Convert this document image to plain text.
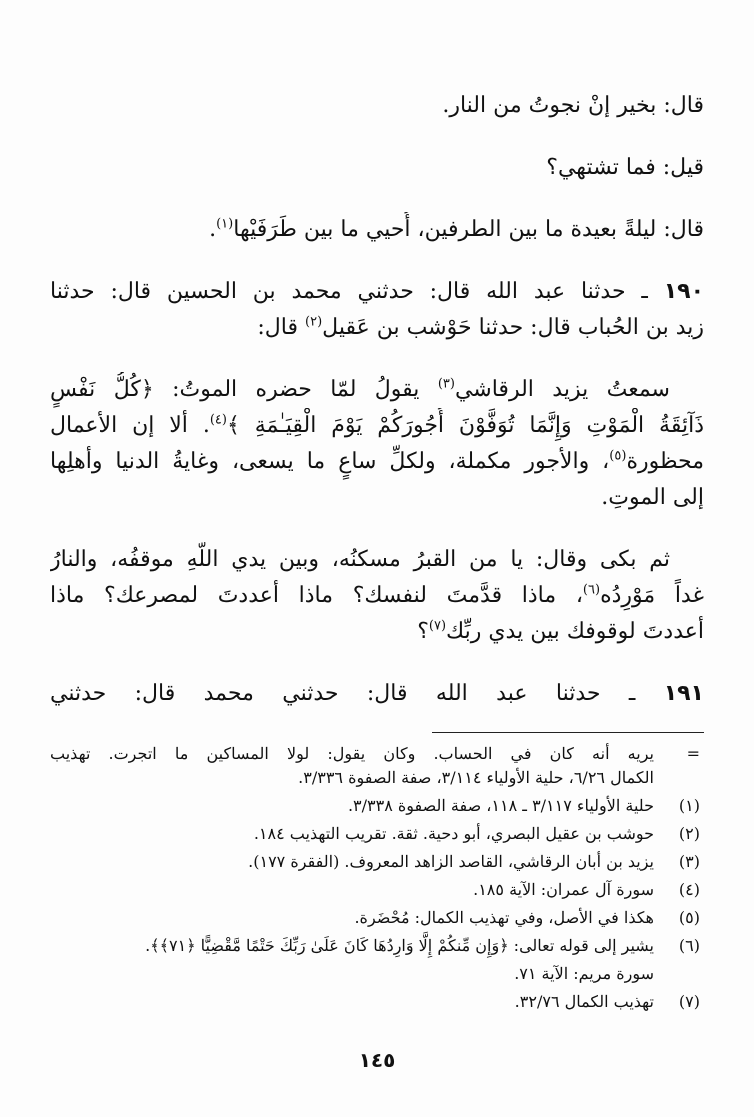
قال: بخير إنْ نجوتُ من النار.
قيل: فما تشتهي؟
قال: ليلةً بعيدة ما بين الطرفين، أُحيي ما بين طَرَفَيْها$^{(١)}$.
١٩٠ ـ حدثنا عبد الله قال: حدثني محمد بن الحسين قال: حدثنا
زيد بن الحُباب قال: حدثنا حَوْشب بن عَقيل$^{(٢)}$ قال:
سمعتُ يزيد الرقاشي$^{(٣)}$ يقولُ لمّا حضره الموتُ: ﴿كُلُّ نَفْسٍ
ذَآئِقَةُ الْمَوْتِ وَإِنَّمَا تُوَفَّوْنَ أُجُورَكُمْ يَوْمَ الْقِيَـٰمَةِ ﴾$^{(٤)}$. ألا إن الأعمال
محظورة$^{(٥)}$، والأجور مكملة، ولكلِّ ساعٍ ما يسعى، وغايةُ الدنيا وأهلِها
إلى الموتِ.
ثم بكى وقال: يا من القبرُ مسكنُه، وبين يدي اللّهِ موقفُه، والنارُ
غداً مَوْرِدُه$^{(٦)}$، ماذا قدَّمتَ لنفسك؟ ماذا أعددتَ لمصرعك؟ ماذا
أعددتَ لوقوفك بين يدي ربِّك$^{(٧)}$؟
١٩١ ـ حدثنا عبد الله قال: حدثني محمد قال: حدثني
=
يريه أنه كان في الحساب. وكان يقول: لولا المساكين ما اتجرت. تهذيب
الكمال ٦/٢٦، حلية الأولياء ٣/١١٤، صفة الصفوة ٣/٣٣٦.
(١)
حلية الأولياء ٣/١١٧ ـ ١١٨، صفة الصفوة ٣/٣٣٨.
(٢)
حوشب بن عقيل البصري، أبو دحية. ثقة. تقريب التهذيب ١٨٤.
(٣)
يزيد بن أبان الرقاشي، القاصد الزاهد المعروف. (الفقرة ١٧٧).
(٤)
سورة آل عمران: الآية ١٨٥.
(٥)
هكذا في الأصل، وفي تهذيب الكمال: مُحْضَرة.
(٦)
يشير إلى قوله تعالى: ﴿وَإِن مِّنكُمْ إِلَّا وَارِدُهَا كَانَ عَلَىٰ رَبِّكَ حَتْمًا مَّقْضِيًّا ﴿٧١﴾﴾.
سورة مريم: الآية ٧١.
(٧)
تهذيب الكمال ٣٢/٧٦.
١٤٥
